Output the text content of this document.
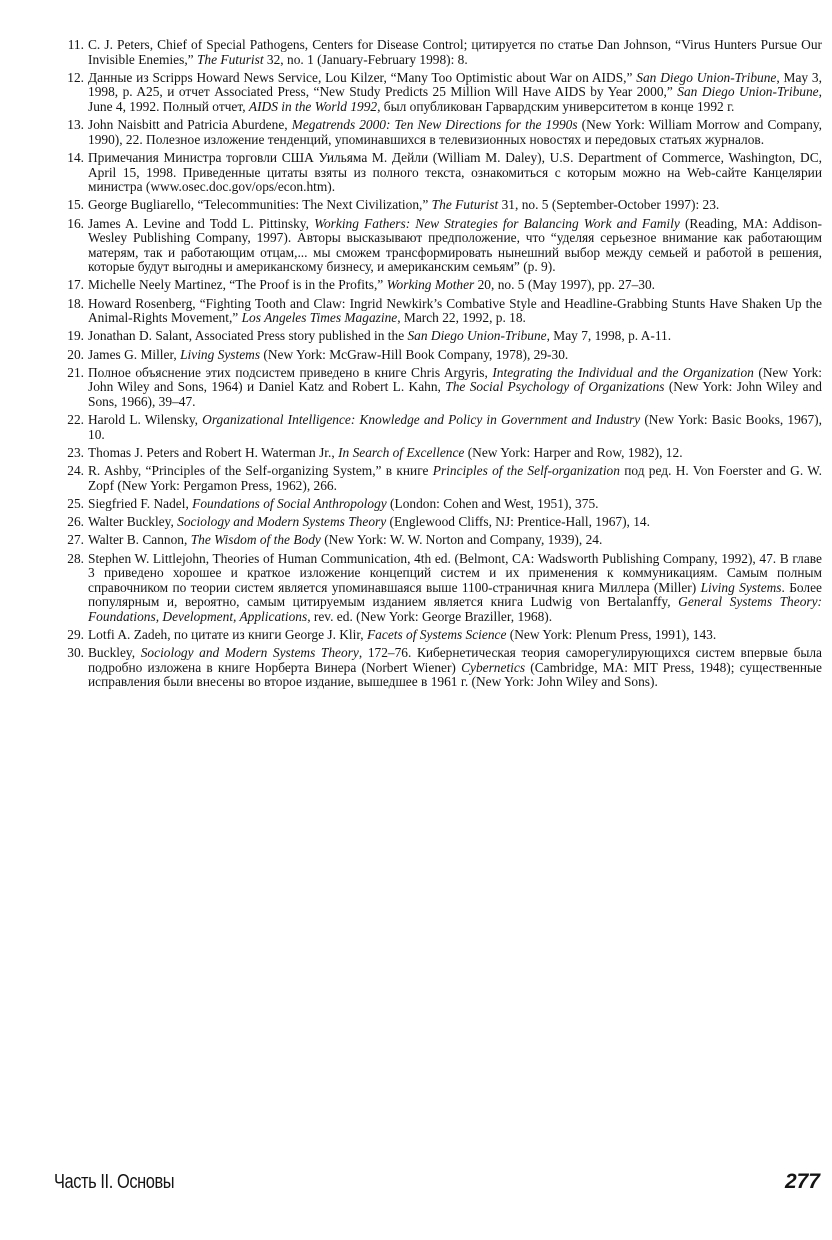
11 . C. J. Peters, Chief of Special Pathogens, Centers for Disease Control; цитируется по статье Dan Johnson, “Virus Hunters Pursue Our Invisible Enemies,” The Futurist 32, no. 1 (January-February 1998): 8.
12 . Данные из Scripps Howard News Service, Lou Kilzer, “Many Too Optimistic about War on AIDS,” San Diego Union-Tribune, May 3, 1998, p. A25, и отчет Associated Press, “New Study Predicts 25 Million Will Have AIDS by Year 2000,” San Diego Union-Tribune, June 4, 1992. Полный отчет, AIDS in the World 1992, был опубликован Гарвардским университетом в конце 1992 г.
13 . John Naisbitt and Patricia Aburdene, Megatrends 2000: Ten New Directions for the 1990s (New York: William Morrow and Company, 1990), 22. Полезное изложение тенденций, упоминавшихся в телевизионных новостях и передовых статьях журналов.
14 . Примечания Министра торговли США Уильяма М. Дейли (William M. Daley), U.S. Department of Commerce, Washington, DC, April 15, 1998. Приведенные цитаты взяты из полного текста, ознакомиться с которым можно на Web-сайте Канцелярии министра (www.osec.doc.gov/ops/econ.htm).
15 . George Bugliarello, “Telecommunities: The Next Civilization,” The Futurist 31, no. 5 (September-October 1997): 23.
16 . James A. Levine and Todd L. Pittinsky, Working Fathers: New Strategies for Balancing Work and Family (Reading, MA: Addison-Wesley Publishing Company, 1997). Авторы высказывают предположение, что “уделяя серьезное внимание как работающим матерям, так и работающим отцам,... мы сможем трансформировать нынешний выбор между семьей и работой в решения, которые будут выгодны и американскому бизнесу, и американским семьям” (p. 9).
17 . Michelle Neely Martinez, “The Proof is in the Profits,” Working Mother 20, no. 5 (May 1997), pp. 27–30.
18 . Howard Rosenberg, “Fighting Tooth and Claw: Ingrid Newkirk’s Combative Style and Headline-Grabbing Stunts Have Shaken Up the Animal-Rights Movement,” Los Angeles Times Magazine, March 22, 1992, p. 18.
19 . Jonathan D. Salant, Associated Press story published in the San Diego Union-Tribune, May 7, 1998, p. A-11.
20 . James G. Miller, Living Systems (New York: McGraw-Hill Book Company, 1978), 29-30.
21 . Полное объяснение этих подсистем приведено в книге Chris Argyris, Integrating the Individual and the Organization (New York: John Wiley and Sons, 1964) и Daniel Katz and Robert L. Kahn, The Social Psychology of Organizations (New York: John Wiley and Sons, 1966), 39–47.
22 . Harold L. Wilensky, Organizational Intelligence: Knowledge and Policy in Government and Industry (New York: Basic Books, 1967), 10.
23 . Thomas J. Peters and Robert H. Waterman Jr., In Search of Excellence (New York: Harper and Row, 1982), 12.
24 . R. Ashby, “Principles of the Self-organizing System,” в книге Principles of the Self-organization под ред. H. Von Foerster and G. W. Zopf (New York: Pergamon Press, 1962), 266.
25 . Siegfried F. Nadel, Foundations of Social Anthropology (London: Cohen and West, 1951), 375.
26 . Walter Buckley, Sociology and Modern Systems Theory (Englewood Cliffs, NJ: Prentice-Hall, 1967), 14.
27 . Walter B. Cannon, The Wisdom of the Body (New York: W. W. Norton and Company, 1939), 24.
28 . Stephen W. Littlejohn, Theories of Human Communication, 4th ed. (Belmont, CA: Wadsworth Publishing Company, 1992), 47. В главе 3 приведено хорошее и краткое изложение концепций систем и их применения к коммуникациям. Самым полным справочником по теории систем является упоминавшаяся выше 1100-страничная книга Миллера (Miller) Living Systems. Более популярным и, вероятно, самым цитируемым изданием является книга Ludwig von Bertalanffy, General Systems Theory: Foundations, Development, Applications, rev. ed. (New York: George Braziller, 1968).
29 . Lotfi A. Zadeh, по цитате из книги George J. Klir, Facets of Systems Science (New York: Plenum Press, 1991), 143.
30 . Buckley, Sociology and Modern Systems Theory, 172–76. Кибернетическая теория саморегулирующихся систем впервые была подробно изложена в книге Норберта Винера (Norbert Wiener) Cybernetics (Cambridge, MA: MIT Press, 1948); существенные исправления были внесены во второе издание, вышедшее в 1961 г. (New York: John Wiley and Sons).
Часть II. Основы	277
